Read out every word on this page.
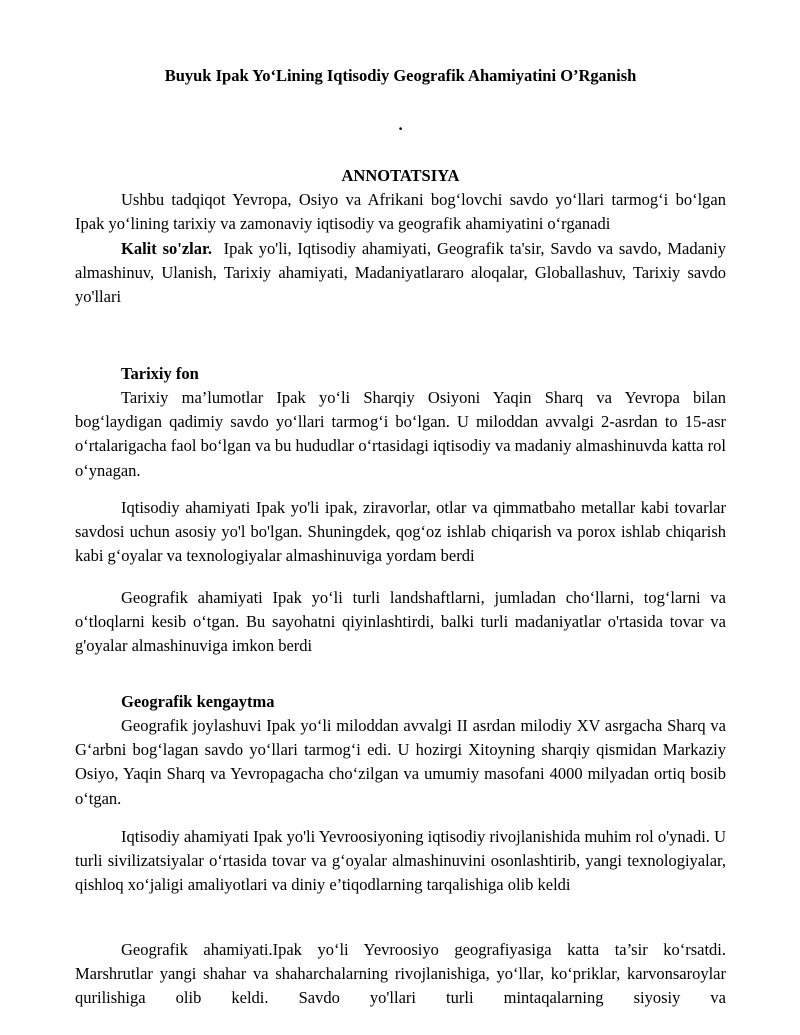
Buyuk Ipak Yo‘Lining Iqtisodiy Geografik Ahamiyatini O’Rganish
.
ANNOTATSIYA

Ushbu tadqiqot Yevropa, Osiyo va Afrikani bog‘lovchi savdo yo‘llari tarmog‘i bo‘lgan Ipak yo‘lining tarixiy va zamonaviy iqtisodiy va geografik ahamiyatini o‘rganadi

Kalit so'zlar. Ipak yo'li, Iqtisodiy ahamiyati, Geografik ta'sir, Savdo va savdo, Madaniy almashinuv, Ulanish, Tarixiy ahamiyati, Madaniyatlararo aloqalar, Globallashuv, Tarixiy savdo yo'llari

Tarixiy fon

Tarixiy ma’lumotlar Ipak yo‘li Sharqiy Osiyoni Yaqin Sharq va Yevropa bilan bog‘laydigan qadimiy savdo yo‘llari tarmog‘i bo‘lgan. U miloddan avvalgi 2-asrdan to 15-asr o‘rtalarigacha faol bo‘lgan va bu hududlar o‘rtasidagi iqtisodiy va madaniy almashinuvda katta rol o‘ynagan.

Iqtisodiy ahamiyati Ipak yo'li ipak, ziravorlar, otlar va qimmatbaho metallar kabi tovarlar savdosi uchun asosiy yo'l bo'lgan. Shuningdek, qog‘oz ishlab chiqarish va porox ishlab chiqarish kabi g‘oyalar va texnologiyalar almashinuviga yordam berdi

Geografik ahamiyati Ipak yo‘li turli landshaftlarni, jumladan cho‘llarni, tog‘larni va o‘tloqlarni kesib o‘tgan. Bu sayohatni qiyinlashtirdi, balki turli madaniyatlar o'rtasida tovar va g'oyalar almashinuviga imkon berdi

Geografik kengaytma

Geografik joylashuvi Ipak yo‘li miloddan avvalgi II asrdan milodiy XV asrgacha Sharq va G‘arbni bog‘lagan savdo yo‘llari tarmog‘i edi. U hozirgi Xitoyning sharqiy qismidan Markaziy Osiyo, Yaqin Sharq va Yevropagacha cho‘zilgan va umumiy masofani 4000 milyadan ortiq bosib o‘tgan.

Iqtisodiy ahamiyati Ipak yo'li Yevroosiyoning iqtisodiy rivojlanishida muhim rol o'ynadi. U turli sivilizatsiyalar o‘rtasida tovar va g‘oyalar almashinuvini osonlashtirib, yangi texnologiyalar, qishloq xo‘jaligi amaliyotlari va diniy e’tiqodlarning tarqalishiga olib keldi

Geografik ahamiyati.Ipak yo‘li Yevroosiyo geografiyasiga katta ta’sir ko‘rsatdi. Marshrutlar yangi shahar va shaharchalarning rivojlanishiga, yo‘llar, ko‘priklar, karvonsaroylar qurilishiga olib keldi. Savdo yo'llari turli mintaqalarning siyosiy va
